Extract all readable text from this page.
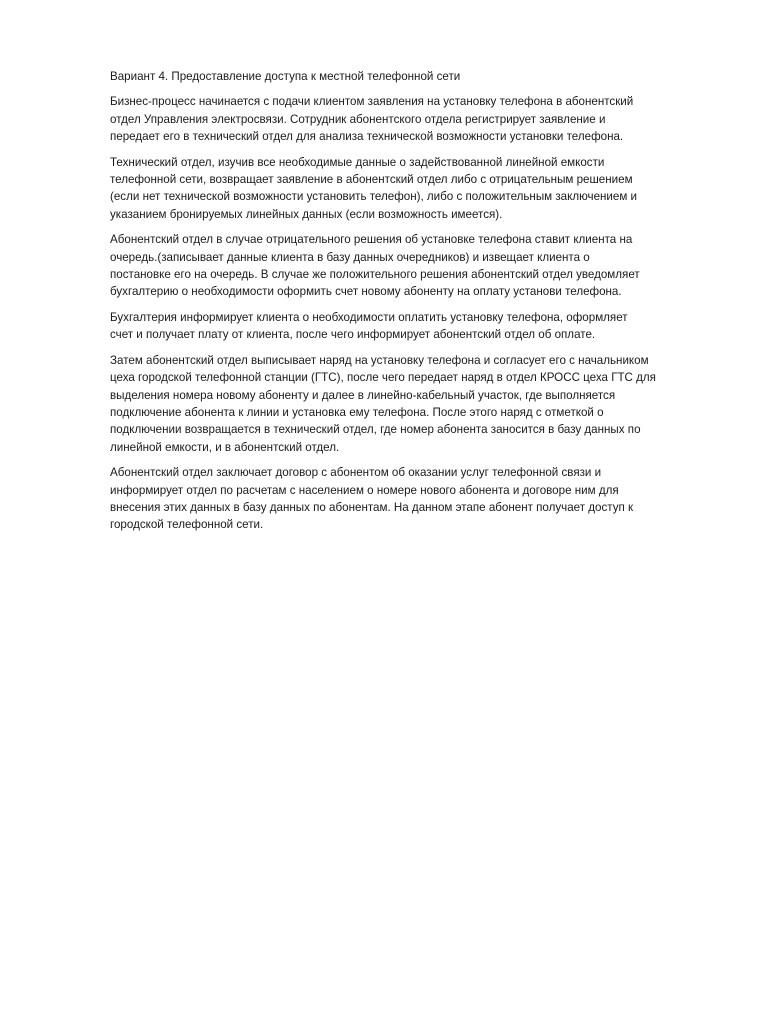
Вариант 4. Предоставление доступа к местной телефонной сети

Бизнес-процесс начинается с подачи клиентом заявления на установку телефона в абонентский
отдел Управления электросвязи. Сотрудник абонентского отдела регистрирует заявление и
передает его в технический отдел для анализа технической возможности установки телефона.

Технический отдел, изучив все необходимые данные о задействованной линейной емкости
телефонной сети, возвращает заявление в абонентский отдел либо с отрицательным решением
(если нет технической возможности установить телефон), либо с положительным заключением и
указанием бронируемых линейных данных (если возможность имеется).

Абонентский отдел в случае отрицательного решения об установке телефона ставит клиента на
очередь.(записывает данные клиента в базу данных очередников) и извещает клиента о
постановке его на очередь. В случае же положительного решения абонентский отдел уведомляет
бухгалтерию о необходимости оформить счет новому абоненту на оплату установи телефона.

Бухгалтерия информирует клиента о необходимости оплатить установку телефона, оформляет
счет и получает плату от клиента, после чего информирует абонентский отдел об оплате.

Затем абонентский отдел выписывает наряд на установку телефона и согласует его с начальником
цеха городской телефонной станции (ГТС), после чего передает наряд в отдел КРОСС цеха ГТС для
выделения номера новому абоненту и далее в линейно-кабельный участок, где выполняется
подключение абонента к линии и установка ему телефона. После этого наряд с отметкой о
подключении возвращается в технический отдел, где номер абонента заносится в базу данных по
линейной емкости, и в абонентский отдел.

Абонентский отдел заключает договор с абонентом об оказании услуг телефонной связи и
информирует отдел по расчетам с населением о номере нового абонента и договоре ним для
внесения этих данных в базу данных по абонентам. На данном этапе абонент получает доступ к
городской телефонной сети.
